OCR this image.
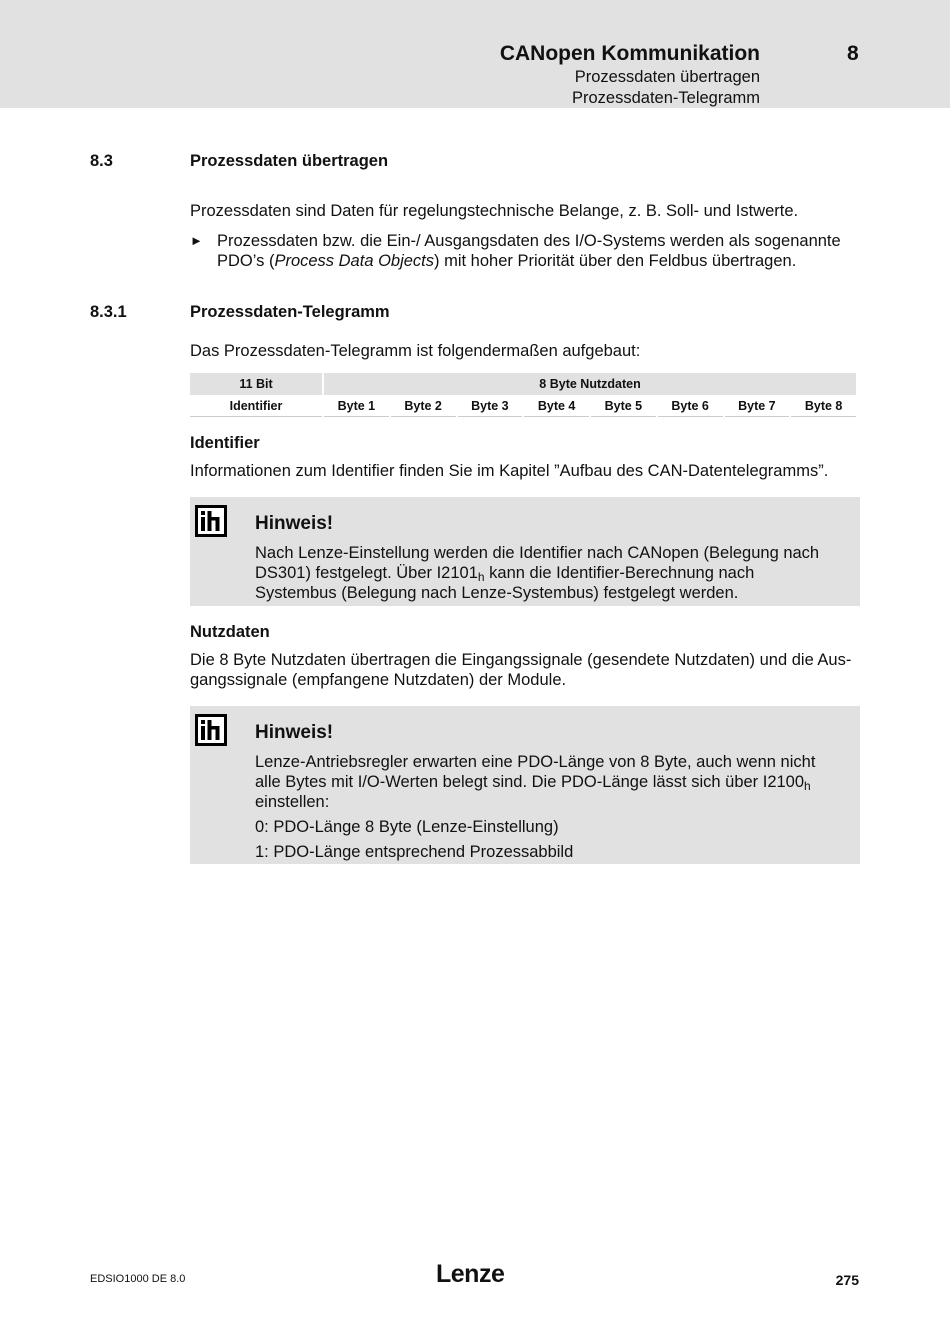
CANopen Kommunikation	8
Prozessdaten übertragen
Prozessdaten-Telegramm
8.3	Prozessdaten übertragen
Prozessdaten sind Daten für regelungstechnische Belange, z. B. Soll- und Istwerte.
► Prozessdaten bzw. die Ein-/ Ausgangsdaten des I/O-Systems werden als sogenannte
PDO’s (Process Data Objects) mit hoher Priorität über den Feldbus übertragen.
8.3.1	Prozessdaten-Telegramm
Das Prozessdaten-Telegramm ist folgendermaßen aufgebaut:
11 Bit	8 Byte Nutzdaten							
Identifier	Byte 1	Byte 2	Byte 3	Byte 4	Byte 5	Byte 6	Byte 7	Byte 8
Identifier
Informationen zum Identifier finden Sie im Kapitel ”Aufbau des CAN-Datentelegramms”.
Hinweis!

Nach Lenze-Einstellung werden die Identifier nach CANopen (Belegung nach

DS301) festgelegt. Über $I2101_h$ kann die Identifier-Berechnung nach

Systembus (Belegung nach Lenze-Systembus) festgelegt werden.

Nutzdaten
Die 8 Byte Nutzdaten übertragen die Eingangssignale (gesendete Nutzdaten) und die Aus-
gangssignale (empfangene Nutzdaten) der Module.
Hinweis!

Lenze-Antriebsregler erwarten eine PDO-Länge von 8 Byte, auch wenn nicht

alle Bytes mit I/O-Werten belegt sind. Die PDO-Länge lässt sich über $I2100_h$

einstellen:

0: PDO-Länge 8 Byte (Lenze-Einstellung)

1: PDO-Länge entsprechend Prozessabbild

EDSIO1000 DE 8.0	Lenze	275
